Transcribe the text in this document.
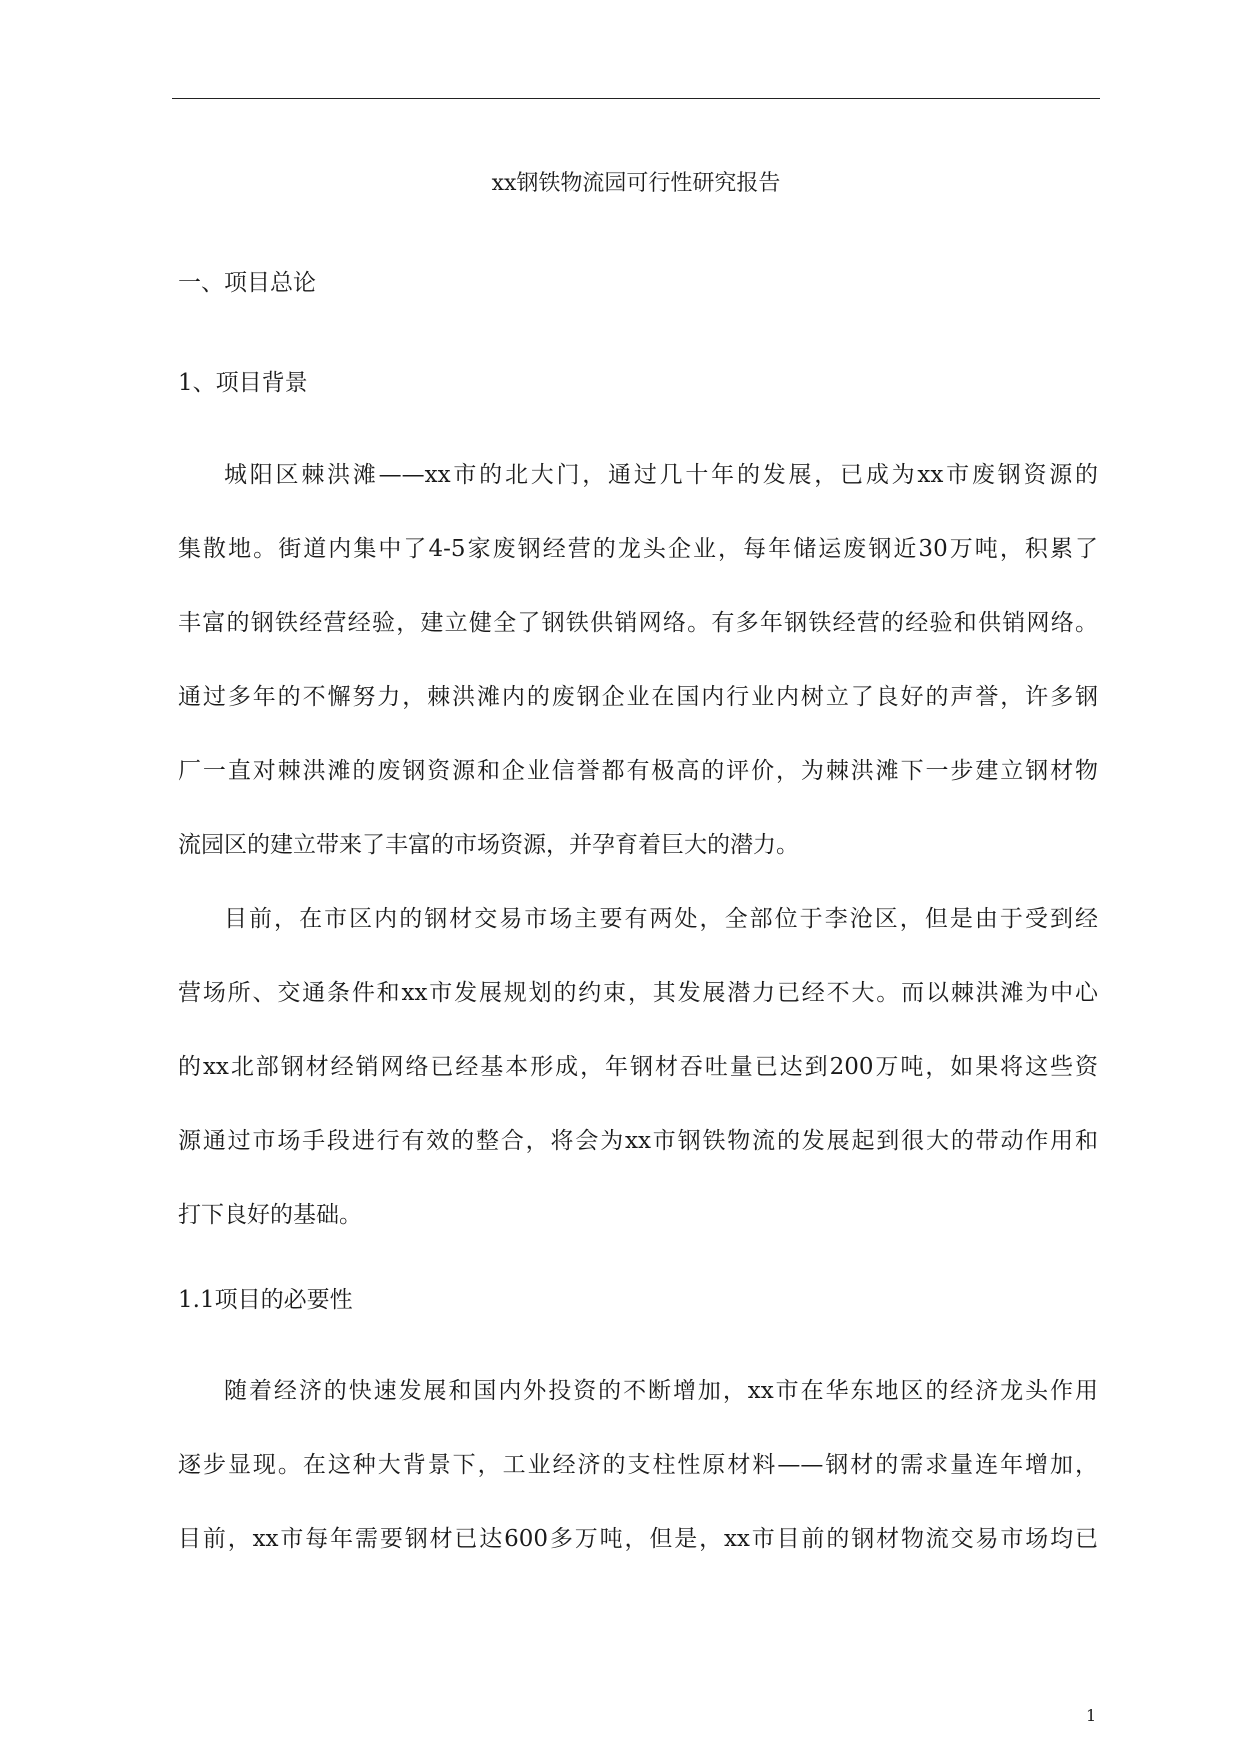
xx钢铁物流园可行性研究报告
一、项目总论
1、项目背景
城阳区棘洪滩——xx市的北大门，通过几十年的发展，已成为xx市废钢资源的
集散地。街道内集中了4-5家废钢经营的龙头企业，每年储运废钢近30万吨，积累了
丰富的钢铁经营经验，建立健全了钢铁供销网络。有多年钢铁经营的经验和供销网络。
通过多年的不懈努力，棘洪滩内的废钢企业在国内行业内树立了良好的声誉，许多钢
厂一直对棘洪滩的废钢资源和企业信誉都有极高的评价，为棘洪滩下一步建立钢材物
流园区的建立带来了丰富的市场资源，并孕育着巨大的潜力。
目前，在市区内的钢材交易市场主要有两处，全部位于李沧区，但是由于受到经
营场所、交通条件和xx市发展规划的约束，其发展潜力已经不大。而以棘洪滩为中心
的xx北部钢材经销网络已经基本形成，年钢材吞吐量已达到200万吨，如果将这些资
源通过市场手段进行有效的整合，将会为xx市钢铁物流的发展起到很大的带动作用和
打下良好的基础。
1.1项目的必要性
随着经济的快速发展和国内外投资的不断增加，xx市在华东地区的经济龙头作用
逐步显现。在这种大背景下，工业经济的支柱性原材料——钢材的需求量连年增加，
目前，xx市每年需要钢材已达600多万吨，但是，xx市目前的钢材物流交易市场均已

1
